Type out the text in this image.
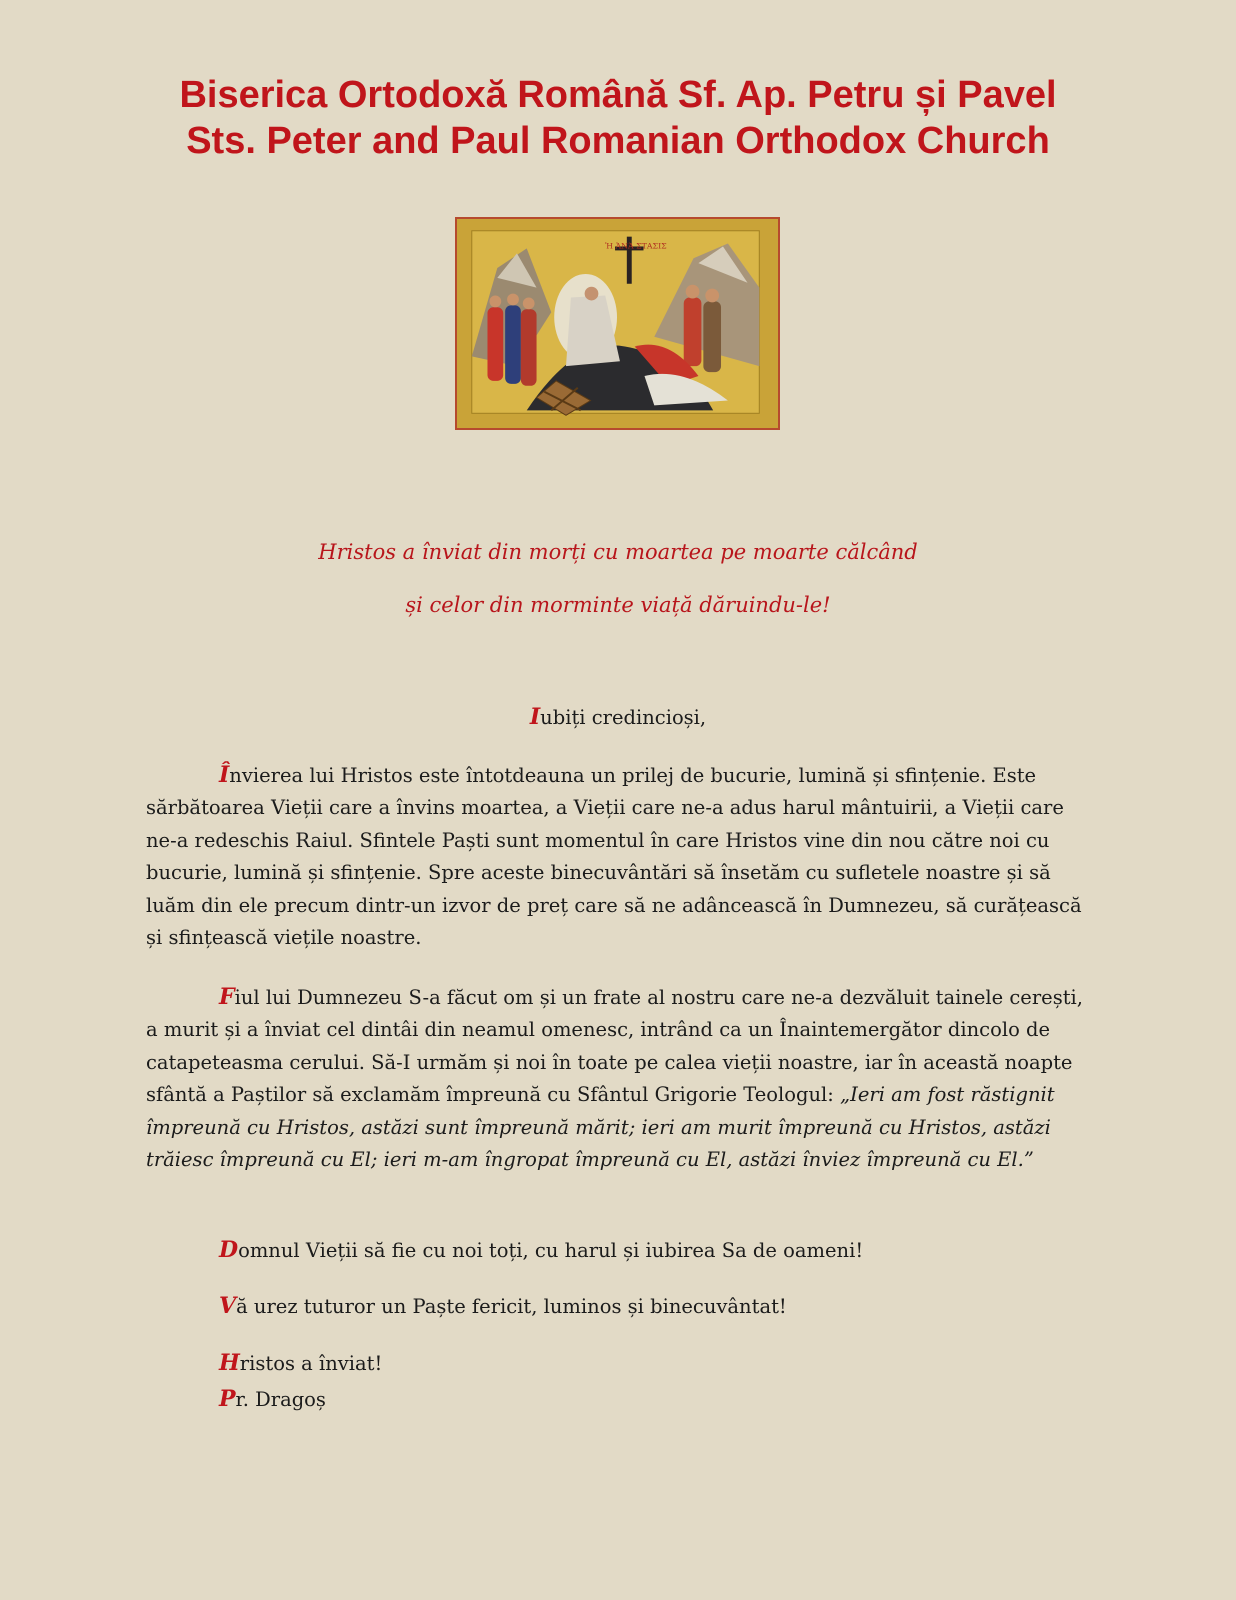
Biserica Ortodoxă Română Sf. Ap. Petru și Pavel
Sts. Peter and Paul Romanian Orthodox Church
Ἡ ἈΝΆ ΣΤΑΣΙΣ

Hristos a înviat din morți cu moartea pe moarte călcând

și celor din morminte viață dăruindu-le!

Iubiți credincioși,

Învierea lui Hristos este întotdeauna un prilej de bucurie, lumină și sfințenie. Este sărbătoarea Vieții care a învins moartea, a Vieții care ne-a adus harul mântuirii, a Vieții care ne-a redeschis Raiul. Sfintele Paști sunt momentul în care Hristos vine din nou către noi cu bucurie, lumină și sfințenie. Spre aceste binecuvântări să însetăm cu sufletele noastre și să luăm din ele precum dintr-un izvor de preț care să ne adâncească în Dumnezeu, să curățească și sfințească viețile noastre.

Fiul lui Dumnezeu S-a făcut om și un frate al nostru care ne-a dezvăluit tainele cerești, a murit și a înviat cel dintâi din neamul omenesc, intrând ca un Înaintemergător dincolo de catapeteasma cerului. Să-I urmăm și noi în toate pe calea vieții noastre, iar în această noapte sfântă a Paștilor să exclamăm împreună cu Sfântul Grigorie Teologul: „Ieri am fost răstignit împreună cu Hristos, astăzi sunt împreună mărit; ieri am murit împreună cu Hristos, astăzi trăiesc împreună cu El; ieri m-am îngropat împreună cu El, astăzi înviez împreună cu El.”

Domnul Vieții să fie cu noi toți, cu harul și iubirea Sa de oameni!

Vă urez tuturor un Paște fericit, luminos și binecuvântat!

Hristos a înviat!

Pr. Dragoș
